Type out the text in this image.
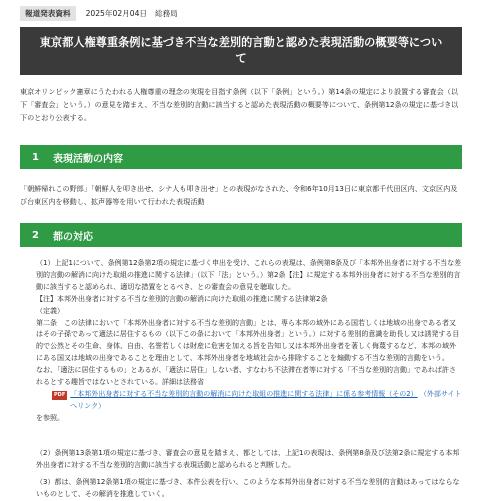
報道発表資料	2025年02月04日 総務局
東京都人権尊重条例に基づき不当な差別的言動と認めた表現活動の概要等について
東京オリンピック憲章にうたわれる人権尊重の理念の実現を目指す条例（以下「条例」という。）第14条の規定により設置する審査会（以下「審査会」という。）の意見を踏まえ、不当な差別的言動に該当すると認めた表現活動の概要等について、条例第12条の規定に基づき以下のとおり公表する。
1 表現活動の内容
「朝鮮帰れこの野郎」「朝鮮人を叩き出せ、シナ人も叩き出せ」との表現がなされた、令和6年10月13日に東京都千代田区内、文京区内及び台東区内を移動し、拡声器等を用いて行われた表現活動
2 都の対応
（1）上記1について、条例第12条第2項の規定に基づく申出を受け、これらの表現は、条例第8条及び「本邦外出身者に対する不当な差別的言動の解消に向けた取組の推進に関する法律」（以下「法」という。）第2条【注】に規定する本邦外出身者に対する不当な差別的言動に該当すると認められ、適切な措置をとるべき、との審査会の意見を聴取した。
【注】本邦外出身者に対する不当な差別的言動の解消に向けた取組の推進に関する法律第2条
（定義）
第二条　この法律において「本邦外出身者に対する不当な差別的言動」とは、専ら本邦の域外にある国若しくは地域の出身である者又はその子孫であって適法に居住するもの（以下この条において「本邦外出身者」という。）に対する差別的意識を助長し又は誘発する目的で公然とその生命、身体、自由、名誉若しくは財産に危害を加える旨を告知し又は本邦外出身者を著しく侮蔑するなど、本邦の域外にある国又は地域の出身であることを理由として、本邦外出身者を地域社会から排除することを煽動する不当な差別的言動をいう。
なお、「適法に居住するもの」とあるが、「適法に居住」しない者、すなわち不法滞在者等に対する「不当な差別的言動」であれば許されるとする趣旨ではないとされている。詳細は法務省
PDF 「本邦外出身者に対する不当な差別的言動の解消に向けた取組の推進に関する法律」に係る参考情報（その2） （外部サイトへリンク）
を参照。
（2）条例第13条第1項の規定に基づき、審査会の意見を踏まえ、都としては、上記1の表現は、条例第8条及び法第2条に規定する本邦外出身者に対する不当な差別的言動に該当する表現活動と認められると判断した。
（3）都は、条例第12条第1項の規定に基づき、本件公表を行い、このような本邦外出身者に対する不当な差別的言動はあってはならないものとして、その解消を推進していく。
